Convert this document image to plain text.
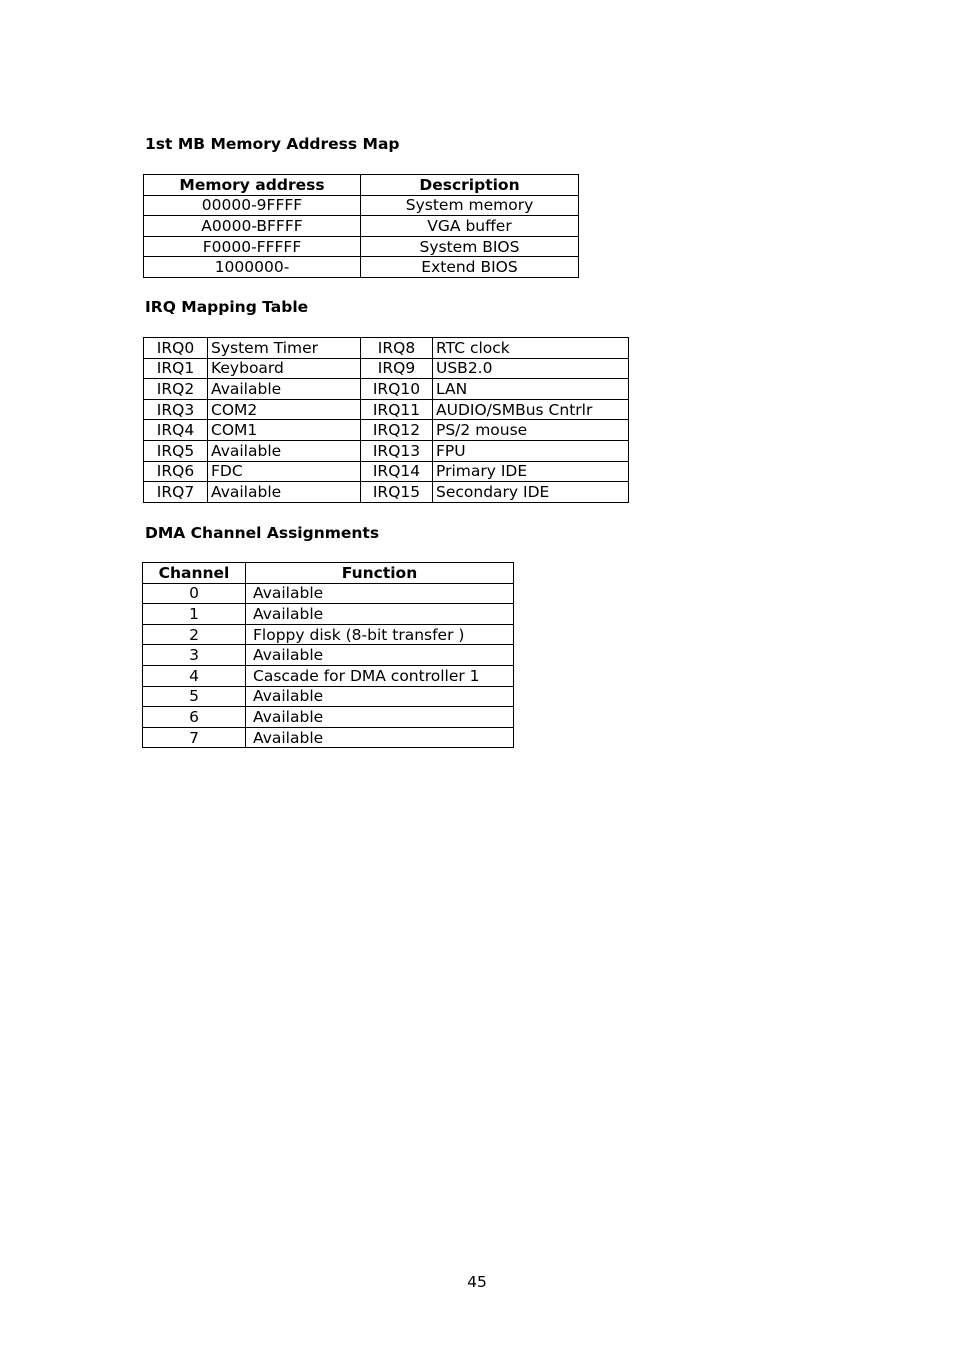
1st MB Memory Address Map
Memory address	Description
00000-9FFFF	System memory
A0000-BFFFF	VGA buffer
F0000-FFFFF	System BIOS
1000000-	Extend BIOS
IRQ Mapping Table
IRQ0	System Timer	IRQ8	RTC clock
IRQ1	Keyboard	IRQ9	USB2.0
IRQ2	Available	IRQ10	LAN
IRQ3	COM2	IRQ11	AUDIO/SMBus Cntrlr
IRQ4	COM1	IRQ12	PS/2 mouse
IRQ5	Available	IRQ13	FPU
IRQ6	FDC	IRQ14	Primary IDE
IRQ7	Available	IRQ15	Secondary IDE
DMA Channel Assignments
Channel	Function
0	Available
1	Available
2	Floppy disk (8-bit transfer )
3	Available
4	Cascade for DMA controller 1
5	Available
6	Available
7	Available
45
